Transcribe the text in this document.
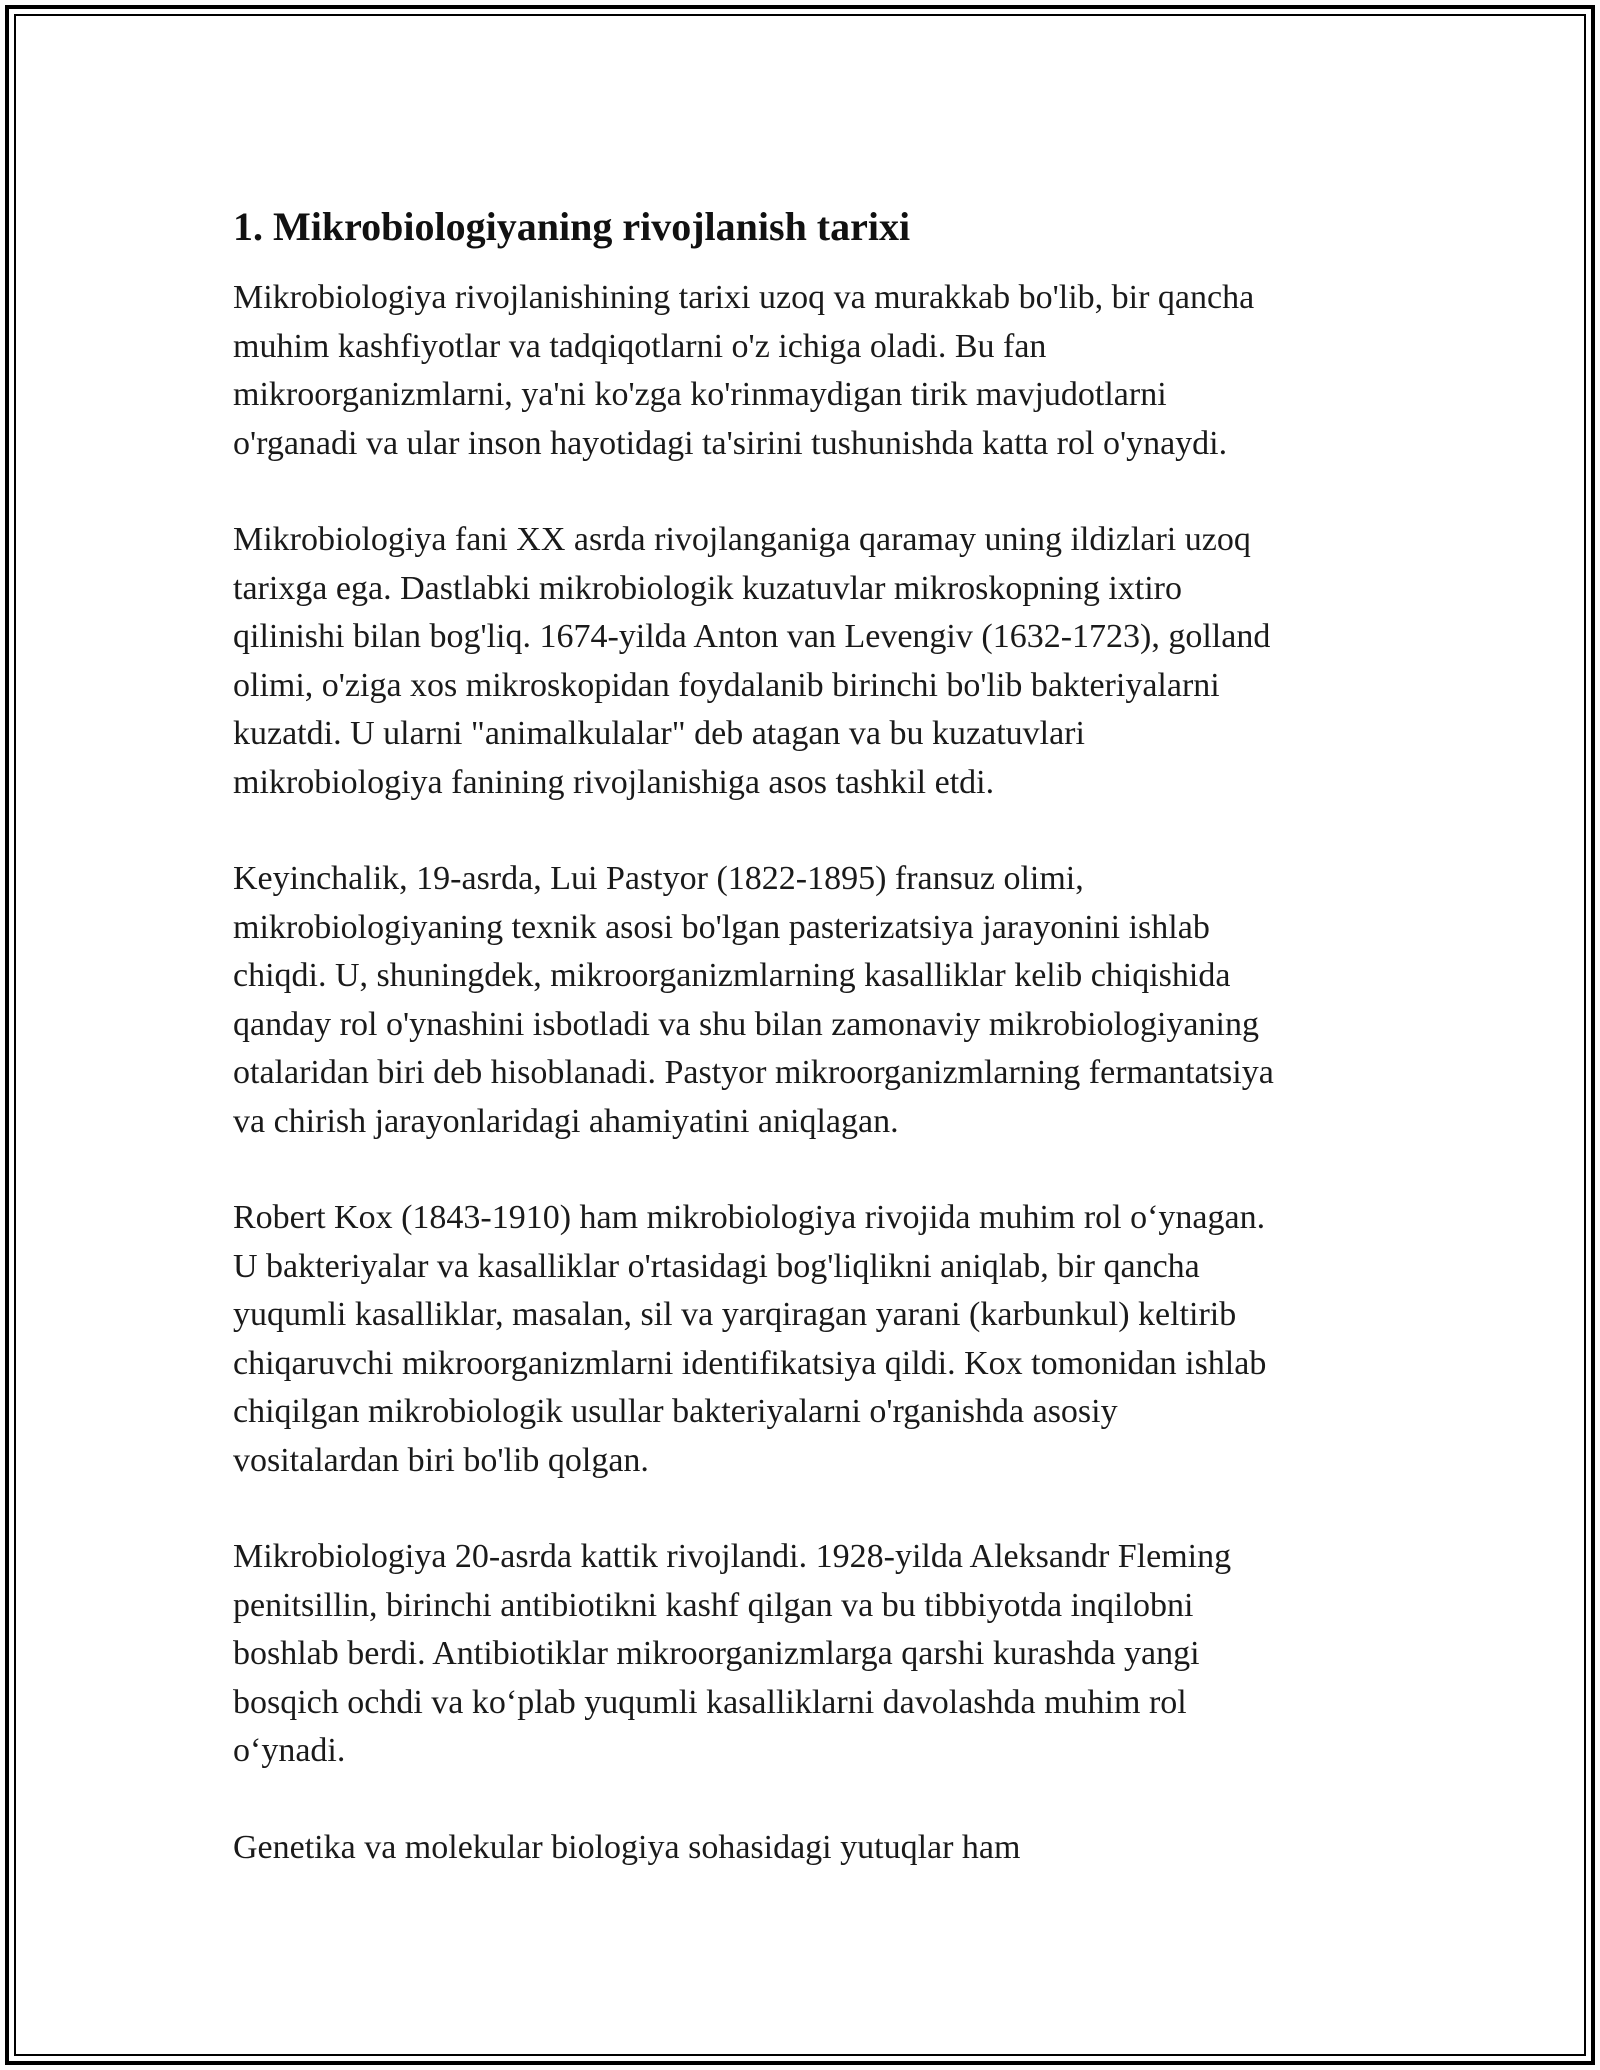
1. Mikrobiologiyaning rivojlanish tarixi
Mikrobiologiya rivojlanishining tarixi uzoq va murakkab bo'lib, bir qancha
muhim kashfiyotlar va tadqiqotlarni o'z ichiga oladi. Bu fan
mikroorganizmlarni, ya'ni ko'zga ko'rinmaydigan tirik mavjudotlarni
o'rganadi va ular inson hayotidagi ta'sirini tushunishda katta rol o'ynaydi.
Mikrobiologiya fani XX asrda rivojlanganiga qaramay uning ildizlari uzoq
tarixga ega. Dastlabki mikrobiologik kuzatuvlar mikroskopning ixtiro
qilinishi bilan bog'liq. 1674-yilda Anton van Levengiv (1632-1723), golland
olimi, o'ziga xos mikroskopidan foydalanib birinchi bo'lib bakteriyalarni
kuzatdi. U ularni "animalkulalar" deb atagan va bu kuzatuvlari
mikrobiologiya fanining rivojlanishiga asos tashkil etdi.
Keyinchalik, 19-asrda, Lui Pastyor (1822-1895) fransuz olimi,
mikrobiologiyaning texnik asosi bo'lgan pasterizatsiya jarayonini ishlab
chiqdi. U, shuningdek, mikroorganizmlarning kasalliklar kelib chiqishida
qanday rol o'ynashini isbotladi va shu bilan zamonaviy mikrobiologiyaning
otalaridan biri deb hisoblanadi. Pastyor mikroorganizmlarning fermantatsiya
va chirish jarayonlaridagi ahamiyatini aniqlagan.
Robert Kox (1843-1910) ham mikrobiologiya rivojida muhim rol oʻynagan.
U bakteriyalar va kasalliklar o'rtasidagi bog'liqlikni aniqlab, bir qancha
yuqumli kasalliklar, masalan, sil va yarqiragan yarani (karbunkul) keltirib
chiqaruvchi mikroorganizmlarni identifikatsiya qildi. Kox tomonidan ishlab
chiqilgan mikrobiologik usullar bakteriyalarni o'rganishda asosiy
vositalardan biri bo'lib qolgan.
Mikrobiologiya 20-asrda kattik rivojlandi. 1928-yilda Aleksandr Fleming
penitsillin, birinchi antibiotikni kashf qilgan va bu tibbiyotda inqilobni
boshlab berdi. Antibiotiklar mikroorganizmlarga qarshi kurashda yangi
bosqich ochdi va koʻplab yuqumli kasalliklarni davolashda muhim rol
oʻynadi.
Genetika va molekular biologiya sohasidagi yutuqlar ham
